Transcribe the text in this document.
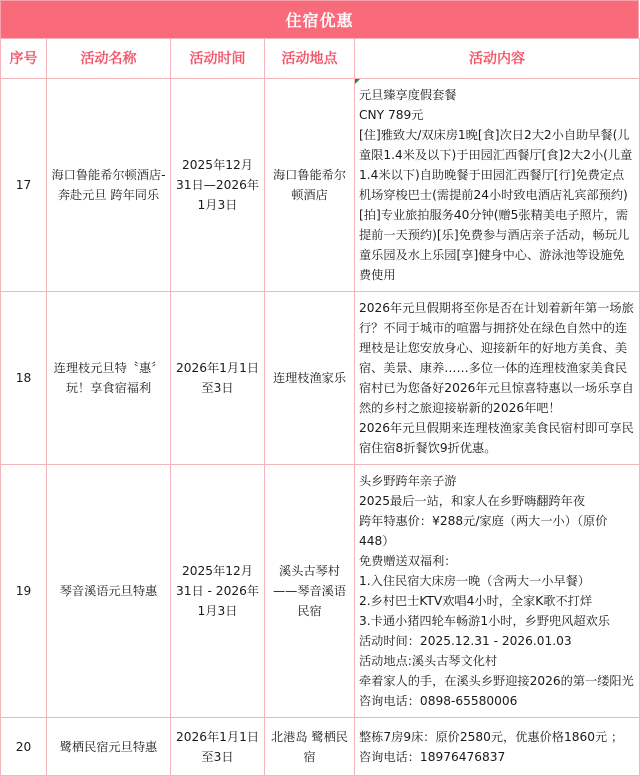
住宿优惠
序号	活动名称	活动时间	活动地点	活动内容
17	海口鲁能希尔顿酒店-奔赴元旦 跨年同乐	2025年12月31日—2026年1月3日	海口鲁能希尔顿酒店	元旦臻享度假套餐
CNY 789元
[住]雅致大/双床房1晚[食]次日2大2小自助早餐(儿童限1.4米及以下)于田园汇西餐厅[食]2大2小(儿童1.4米以下)自助晚餐于田园汇西餐厅[行]免费定点机场穿梭巴士(需提前24小时致电酒店礼宾部预约)[拍]专业旅拍服务40分钟(赠5张精美电子照片，需提前一天预约)[乐]免费参与酒店亲子活动，畅玩儿童乐园及水上乐园[享]健身中心、游泳池等设施免费使用

18	连理枝元旦特〝惠〞玩！享食宿福利	2026年1月1日至3日	连理枝渔家乐	2026年元旦假期将至你是否在计划着新年第一场旅行？不同于城市的喧嚣与拥挤处在绿色自然中的连理枝是让您安放身心、迎接新年的好地方美食、美宿、美景、康养……多位一体的连理枝渔家美食民宿村已为您备好2026年元旦惊喜特惠以一场乐享自然的乡村之旅迎接崭新的2026年吧！
2026年元旦假期来连理枝渔家美食民宿村即可享民宿住宿8折餐饮9折优惠。

19	琴音溪语元旦特惠	2025年12月31日 - 2026年1月3日	溪头古琴村——琴音溪语民宿	
头乡野跨年亲子游
2025最后一站，和家人在乡野嗨翻跨年夜
跨年特惠价：¥288元/家庭（两大一小）（原价448）
免费赠送双福利：
1.入住民宿大床房一晚（含两大一小早餐）
2.乡村巴士KTV欢唱4小时，全家K歌不打烊
3.卡通小猪四轮车畅游1小时，乡野兜风超欢乐
活动时间：2025.12.31 - 2026.01.03
活动地点:溪头古琴文化村
牵着家人的手，在溪头乡野迎接2026的第一缕阳光
咨询电话：0898-65580006

20	鹭栖民宿元旦特惠	2026年1月1日至3日	北港岛 鹭栖民宿	整栋7房9床：原价2580元，优惠价格1860元 ；
咨询电话：18976476837
